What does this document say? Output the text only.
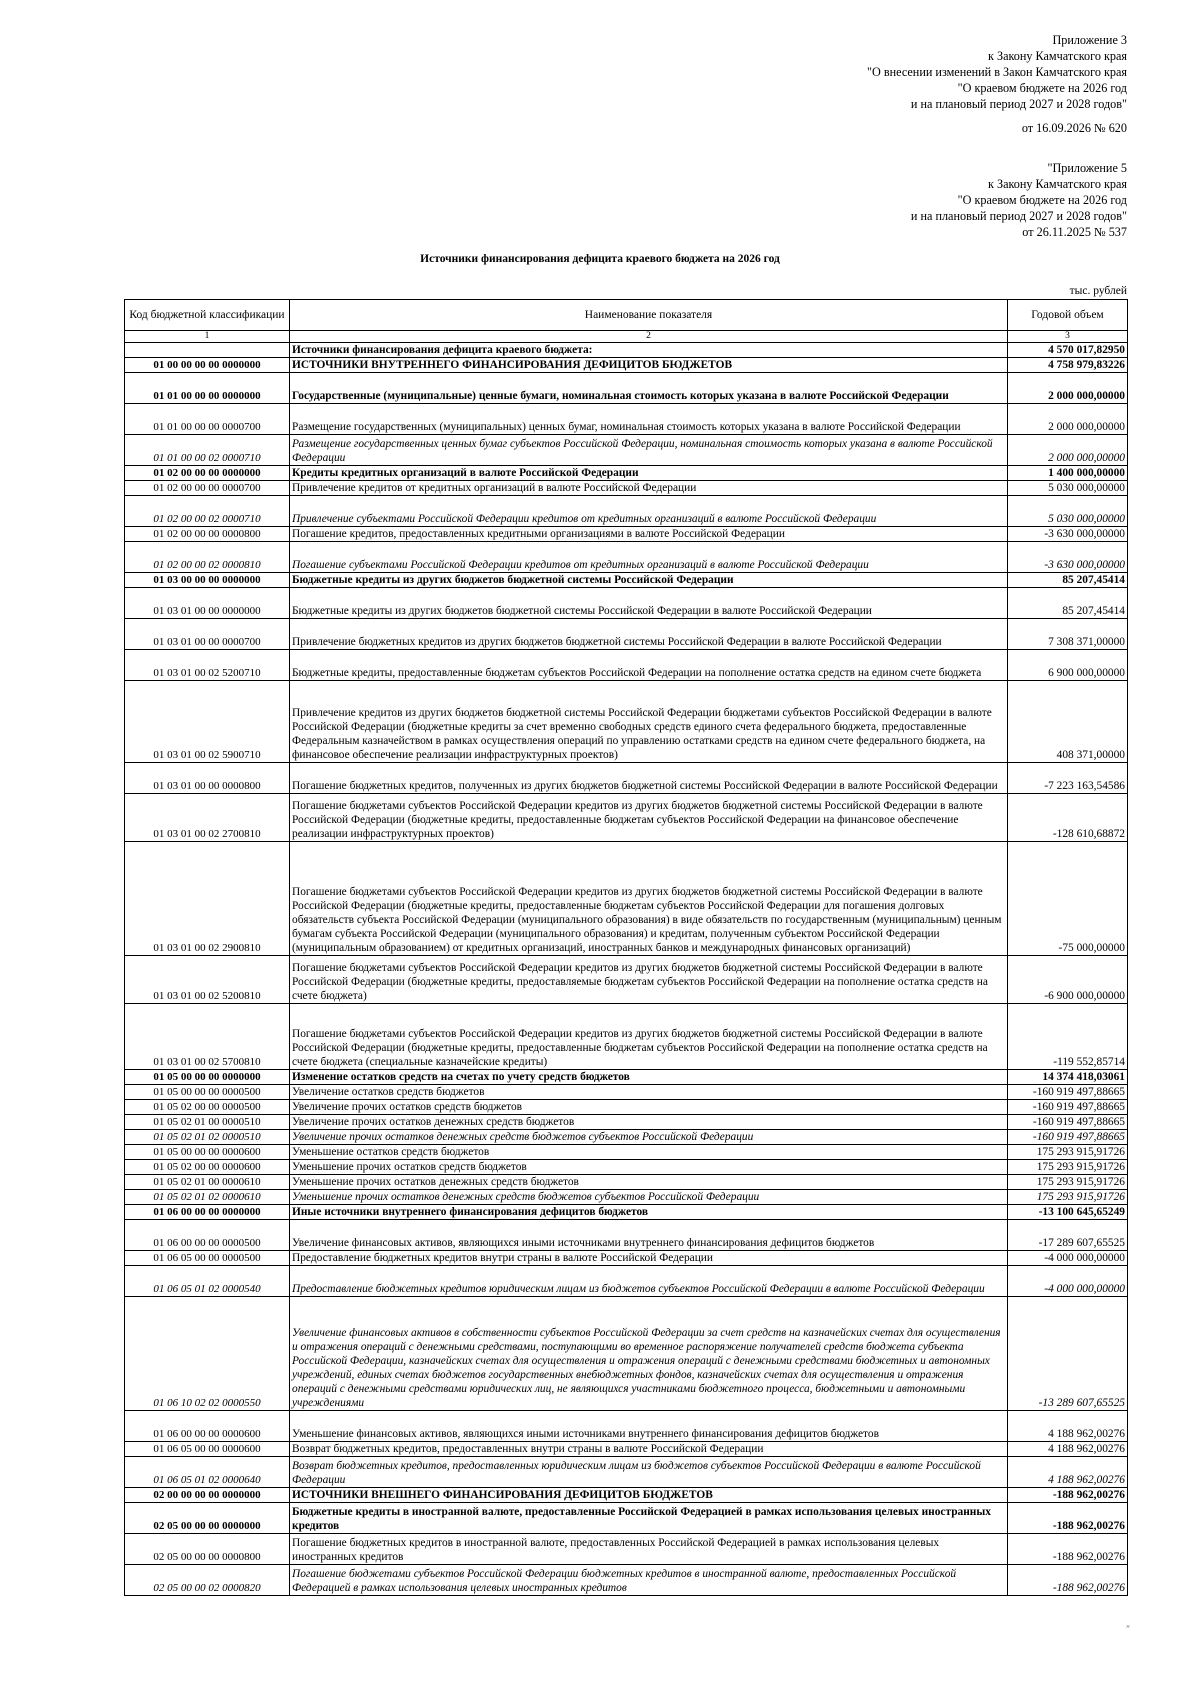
Приложение 3
к Закону Камчатского края
"О внесении изменений в Закон Камчатского края
"О краевом бюджете на 2026 год
и на плановый период 2027 и 2028 годов"
от 16.09.2026 № 620
"Приложение 5
к Закону Камчатского края
"О краевом бюджете на 2026 год
и на плановый период 2027 и 2028 годов"
от 26.11.2025 № 537
Источники финансирования дефицита краевого бюджета на 2026 год
тыс. рублей
Код бюджетной классификации	Наименование показателя	Годовой объем
1	2	3
	Источники финансирования дефицита краевого бюджета:	4 570 017,82950
01 00 00 00 00 0000000	ИСТОЧНИКИ ВНУТРЕННЕГО ФИНАНСИРОВАНИЯ ДЕФИЦИТОВ БЮДЖЕТОВ	4 758 979,83226
01 01 00 00 00 0000000	Государственные (муниципальные) ценные бумаги, номинальная стоимость которых указана в валюте Российской Федерации	2 000 000,00000
01 01 00 00 00 0000700	Размещение государственных (муниципальных) ценных бумаг, номинальная стоимость которых указана в валюте Российской Федерации	2 000 000,00000
01 01 00 00 02 0000710	Размещение государственных ценных бумаг субъектов Российской Федерации, номинальная стоимость которых указана в валюте Российской Федерации	2 000 000,00000
01 02 00 00 00 0000000	Кредиты кредитных организаций в валюте Российской Федерации	1 400 000,00000
01 02 00 00 00 0000700	Привлечение кредитов от кредитных организаций в валюте Российской Федерации	5 030 000,00000
01 02 00 00 02 0000710	Привлечение субъектами Российской Федерации кредитов от кредитных организаций в валюте Российской Федерации	5 030 000,00000
01 02 00 00 00 0000800	Погашение кредитов, предоставленных кредитными организациями в валюте Российской Федерации	-3 630 000,00000
01 02 00 00 02 0000810	Погашение субъектами Российской Федерации кредитов от кредитных организаций в валюте Российской Федерации	-3 630 000,00000
01 03 00 00 00 0000000	Бюджетные кредиты из других бюджетов бюджетной системы Российской Федерации	85 207,45414
01 03 01 00 00 0000000	Бюджетные кредиты из других бюджетов бюджетной системы Российской Федерации в валюте Российской Федерации	85 207,45414
01 03 01 00 00 0000700	Привлечение бюджетных кредитов из других бюджетов бюджетной системы Российской Федерации в валюте Российской Федерации	7 308 371,00000
01 03 01 00 02 5200710	Бюджетные кредиты, предоставленные бюджетам субъектов Российской Федерации на пополнение остатка средств на едином счете бюджета	6 900 000,00000
01 03 01 00 02 5900710	Привлечение кредитов из других бюджетов бюджетной системы Российской Федерации бюджетами субъектов Российской Федерации в валюте Российской Федерации (бюджетные кредиты за счет временно свободных средств единого счета федерального бюджета, предоставленные Федеральным казначейством в рамках осуществления операций по управлению остатками средств на едином счете федерального бюджета, на финансовое обеспечение реализации инфраструктурных проектов)	408 371,00000
01 03 01 00 00 0000800	Погашение бюджетных кредитов, полученных из других бюджетов бюджетной системы Российской Федерации в валюте Российской Федерации	-7 223 163,54586
01 03 01 00 02 2700810	Погашение бюджетами субъектов Российской Федерации кредитов из других бюджетов бюджетной системы Российской Федерации в валюте Российской Федерации (бюджетные кредиты, предоставленные бюджетам субъектов Российской Федерации на финансовое обеспечение реализации инфраструктурных проектов)	-128 610,68872
01 03 01 00 02 2900810	Погашение бюджетами субъектов Российской Федерации кредитов из других бюджетов бюджетной системы Российской Федерации в валюте Российской Федерации (бюджетные кредиты, предоставленные бюджетам субъектов Российской Федерации для погашения долговых обязательств субъекта Российской Федерации (муниципального образования) в виде обязательств по государственным (муниципальным) ценным бумагам субъекта Российской Федерации (муниципального образования) и кредитам, полученным субъектом Российской Федерации (муниципальным образованием) от кредитных организаций, иностранных банков и международных финансовых организаций)	-75 000,00000
01 03 01 00 02 5200810	Погашение бюджетами субъектов Российской Федерации кредитов из других бюджетов бюджетной системы Российской Федерации в валюте Российской Федерации (бюджетные кредиты, предоставляемые бюджетам субъектов Российской Федерации на пополнение остатка средств на счете бюджета)	-6 900 000,00000
01 03 01 00 02 5700810	Погашение бюджетами субъектов Российской Федерации кредитов из других бюджетов бюджетной системы Российской Федерации в валюте Российской Федерации (бюджетные кредиты, предоставленные бюджетам субъектов Российской Федерации на пополнение остатка средств на счете бюджета (специальные казначейские кредиты)	-119 552,85714
01 05 00 00 00 0000000	Изменение остатков средств на счетах по учету средств бюджетов	14 374 418,03061
01 05 00 00 00 0000500	Увеличение остатков средств бюджетов	-160 919 497,88665
01 05 02 00 00 0000500	Увеличение прочих остатков средств бюджетов	-160 919 497,88665
01 05 02 01 00 0000510	Увеличение прочих остатков денежных средств бюджетов	-160 919 497,88665
01 05 02 01 02 0000510	Увеличение прочих остатков денежных средств бюджетов субъектов Российской Федерации	-160 919 497,88665
01 05 00 00 00 0000600	Уменьшение остатков средств бюджетов	175 293 915,91726
01 05 02 00 00 0000600	Уменьшение прочих остатков средств бюджетов	175 293 915,91726
01 05 02 01 00 0000610	Уменьшение прочих остатков денежных средств бюджетов	175 293 915,91726
01 05 02 01 02 0000610	Уменьшение прочих остатков денежных средств бюджетов субъектов Российской Федерации	175 293 915,91726
01 06 00 00 00 0000000	Иные источники внутреннего финансирования дефицитов бюджетов	-13 100 645,65249
01 06 00 00 00 0000500	Увеличение финансовых активов, являющихся иными источниками внутреннего финансирования дефицитов бюджетов	-17 289 607,65525
01 06 05 00 00 0000500	Предоставление бюджетных кредитов внутри страны в валюте Российской Федерации	-4 000 000,00000
01 06 05 01 02 0000540	Предоставление бюджетных кредитов юридическим лицам из бюджетов субъектов Российской Федерации в валюте Российской Федерации	-4 000 000,00000
01 06 10 02 02 0000550	Увеличение финансовых активов в собственности субъектов Российской Федерации за счет средств на казначейских счетах для осуществления и отражения операций с денежными средствами, поступающими во временное распоряжение получателей средств бюджета субъекта Российской Федерации, казначейских счетах для осуществления и отражения операций с денежными средствами бюджетных и автономных учреждений, единых счетах бюджетов государственных внебюджетных фондов, казначейских счетах для осуществления и отражения операций с денежными средствами юридических лиц, не являющихся участниками бюджетного процесса, бюджетными и автономными учреждениями	-13 289 607,65525
01 06 00 00 00 0000600	Уменьшение финансовых активов, являющихся иными источниками внутреннего финансирования дефицитов бюджетов	4 188 962,00276
01 06 05 00 00 0000600	Возврат бюджетных кредитов, предоставленных внутри страны в валюте Российской Федерации	4 188 962,00276
01 06 05 01 02 0000640	Возврат бюджетных кредитов, предоставленных юридическим лицам из бюджетов субъектов Российской Федерации в валюте Российской Федерации	4 188 962,00276
02 00 00 00 00 0000000	ИСТОЧНИКИ ВНЕШНЕГО ФИНАНСИРОВАНИЯ ДЕФИЦИТОВ БЮДЖЕТОВ	-188 962,00276
02 05 00 00 00 0000000	Бюджетные кредиты в иностранной валюте, предоставленные Российской Федерацией в рамках использования целевых иностранных кредитов	-188 962,00276
02 05 00 00 00 0000800	Погашение бюджетных кредитов в иностранной валюте, предоставленных Российской Федерацией в рамках использования целевых иностранных кредитов	-188 962,00276
02 05 00 00 02 0000820	Погашение бюджетами субъектов Российской Федерации бюджетных кредитов в иностранной валюте, предоставленных Российской Федерацией в рамках использования целевых иностранных кредитов	-188 962,00276
″
